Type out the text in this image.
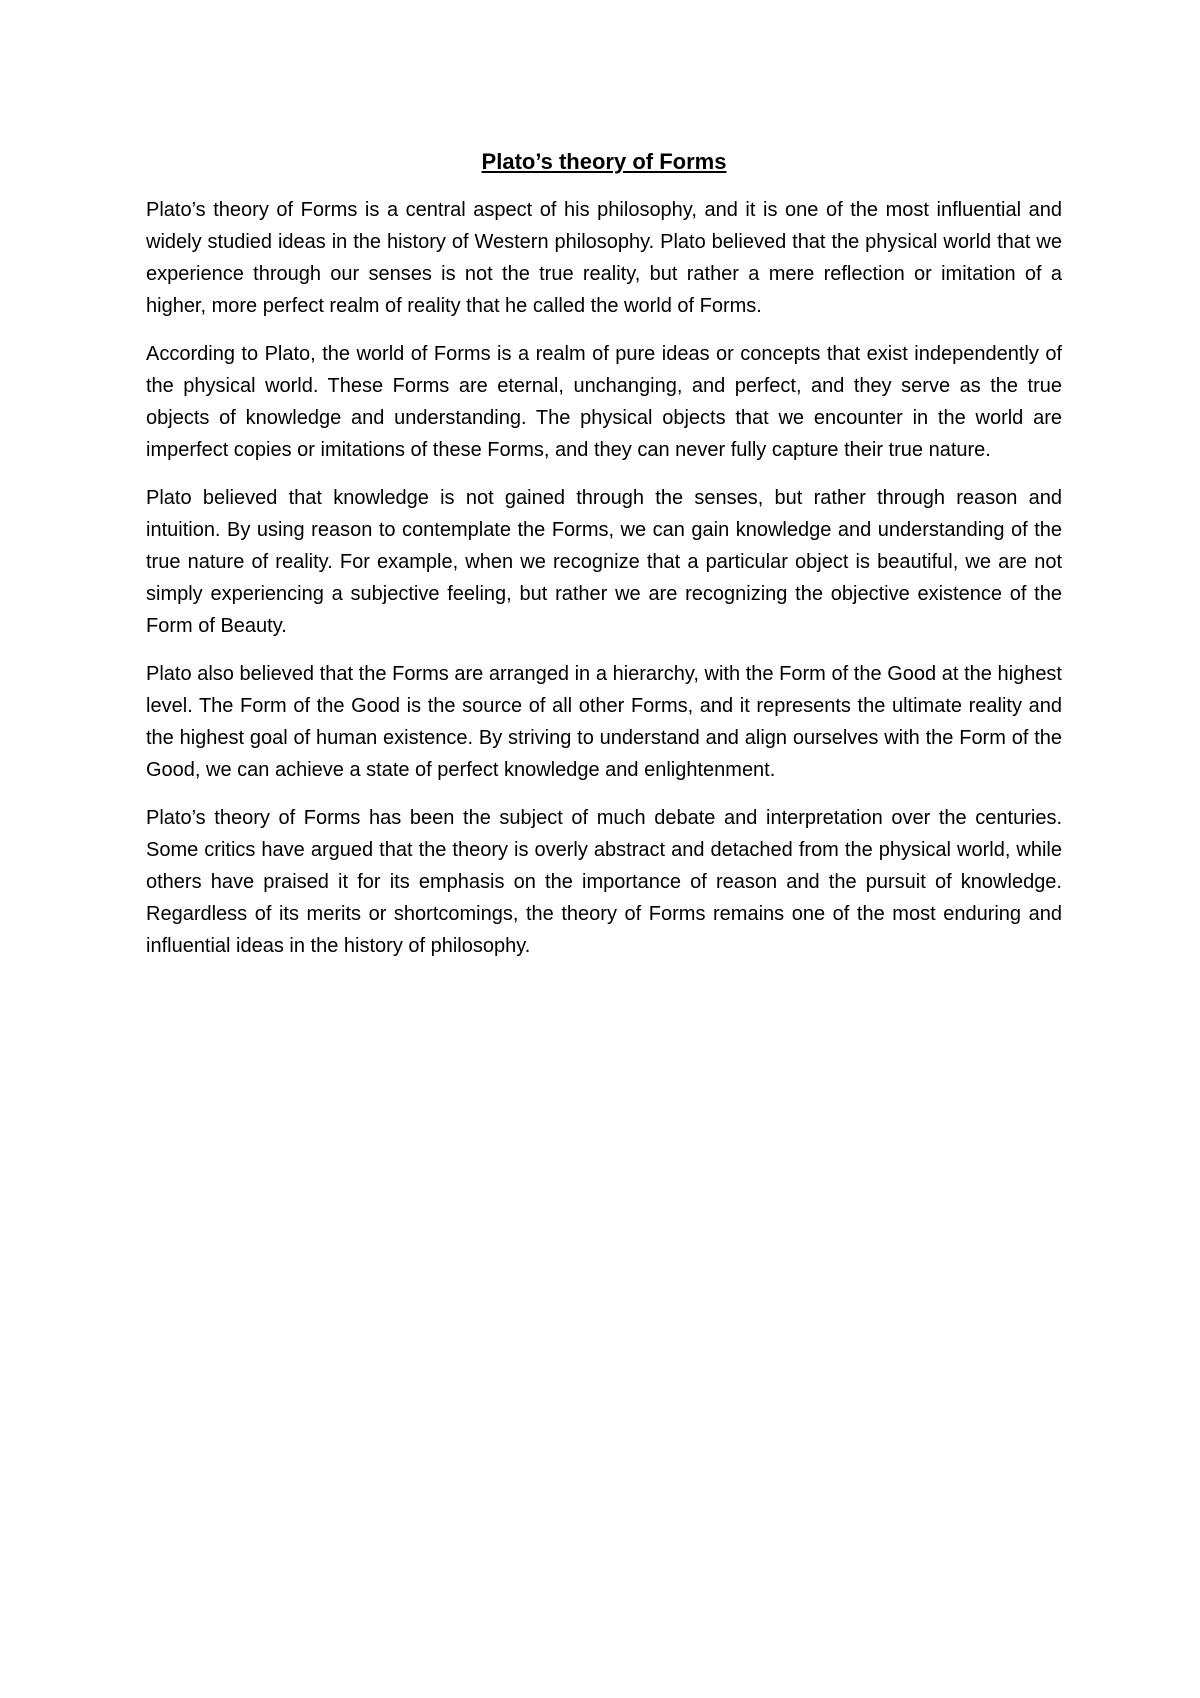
Plato’s theory of Forms

Plato’s theory of Forms is a central aspect of his philosophy, and it is one of the most influential and widely studied ideas in the history of Western philosophy. Plato believed that the physical world that we experience through our senses is not the true reality, but rather a mere reflection or imitation of a higher, more perfect realm of reality that he called the world of Forms.

According to Plato, the world of Forms is a realm of pure ideas or concepts that exist independently of the physical world. These Forms are eternal, unchanging, and perfect, and they serve as the true objects of knowledge and understanding. The physical objects that we encounter in the world are imperfect copies or imitations of these Forms, and they can never fully capture their true nature.

Plato believed that knowledge is not gained through the senses, but rather through reason and intuition. By using reason to contemplate the Forms, we can gain knowledge and understanding of the true nature of reality. For example, when we recognize that a particular object is beautiful, we are not simply experiencing a subjective feeling, but rather we are recognizing the objective existence of the Form of Beauty.

Plato also believed that the Forms are arranged in a hierarchy, with the Form of the Good at the highest level. The Form of the Good is the source of all other Forms, and it represents the ultimate reality and the highest goal of human existence. By striving to understand and align ourselves with the Form of the Good, we can achieve a state of perfect knowledge and enlightenment.

Plato’s theory of Forms has been the subject of much debate and interpretation over the centuries. Some critics have argued that the theory is overly abstract and detached from the physical world, while others have praised it for its emphasis on the importance of reason and the pursuit of knowledge. Regardless of its merits or shortcomings, the theory of Forms remains one of the most enduring and influential ideas in the history of philosophy.
